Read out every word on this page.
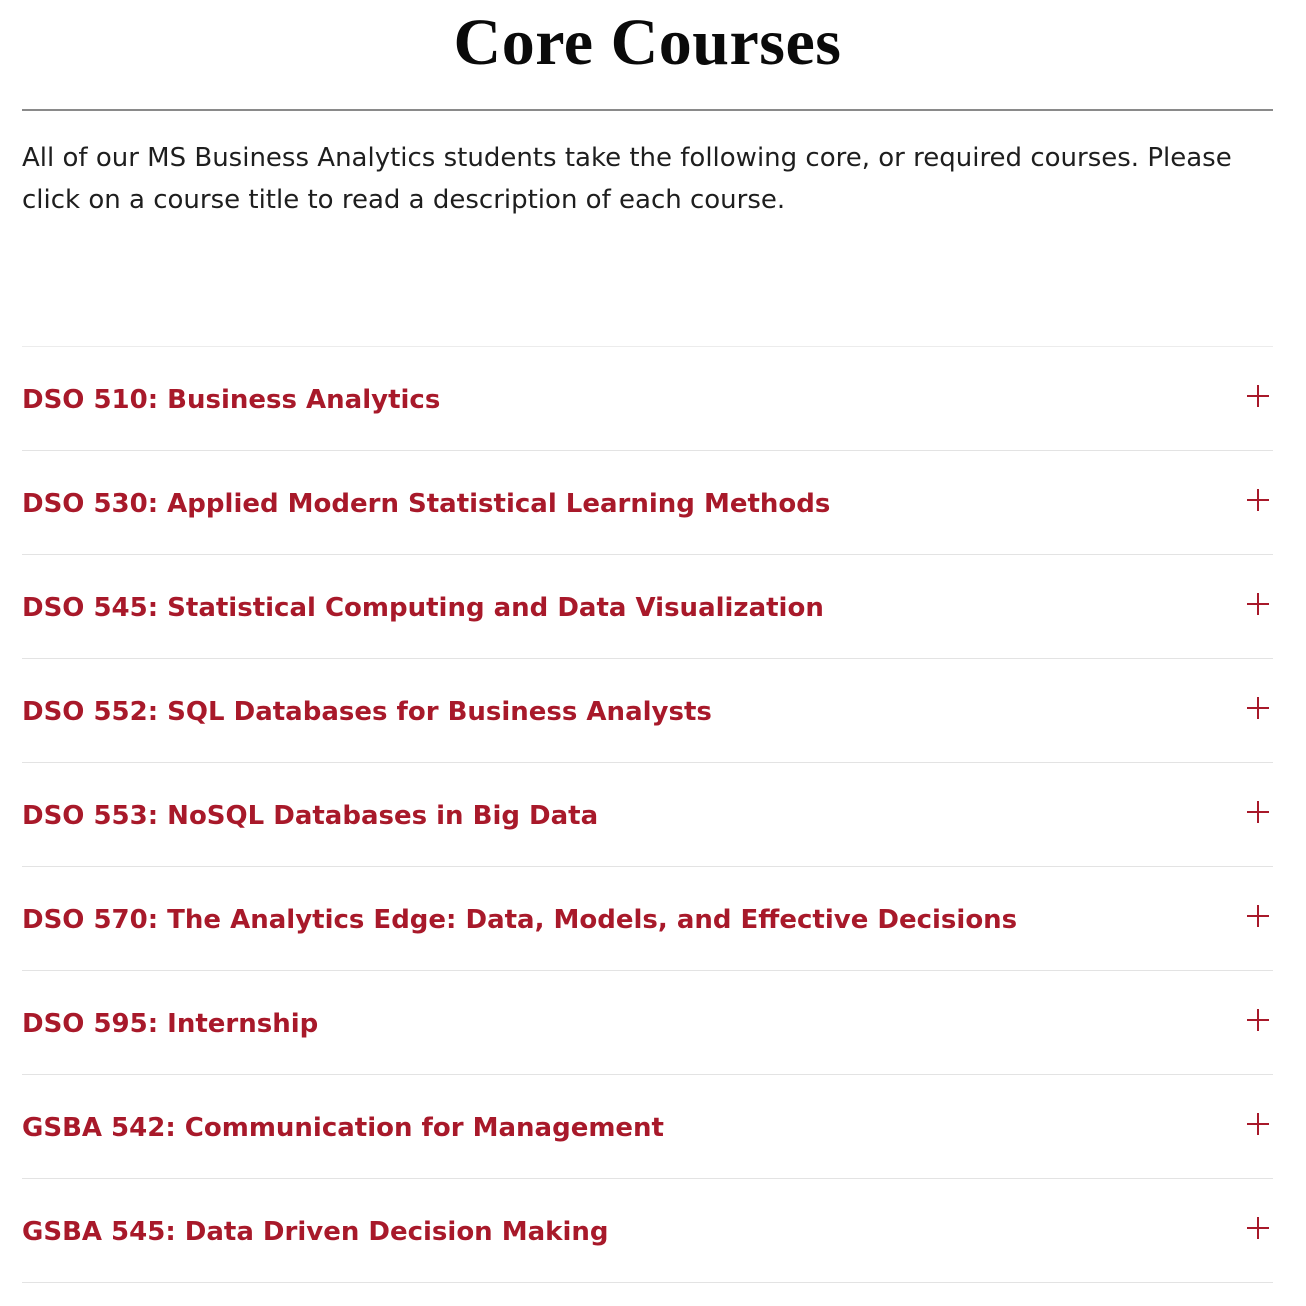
Core Courses

All of our MS Business Analytics students take the following core, or required courses. Please click on a course title to read a description of each course.

DSO 510: Business Analytics
DSO 530: Applied Modern Statistical Learning Methods
DSO 545: Statistical Computing and Data Visualization
DSO 552: SQL Databases for Business Analysts
DSO 553: NoSQL Databases in Big Data
DSO 570: The Analytics Edge: Data, Models, and Effective Decisions
DSO 595: Internship
GSBA 542: Communication for Management
GSBA 545: Data Driven Decision Making
